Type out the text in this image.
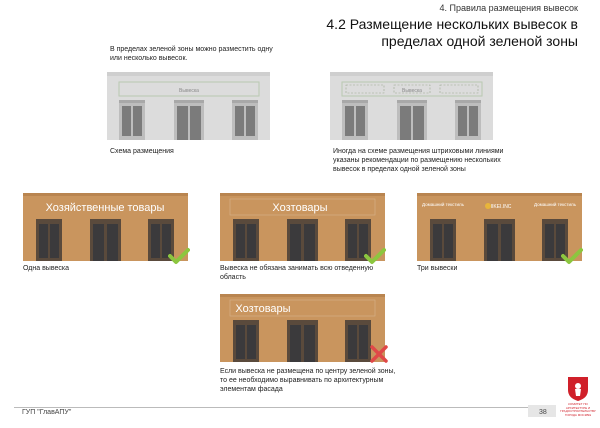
4. Правила размещения вывесок
4.2 Размещение нескольких вывесок в пределах одной зеленой зоны
В пределах зеленой зоны можно разместить одну
или несколько вывесок.
Вывеска
Схема размещения
Вывеска
Иногда на схеме размещения штриховыми линиями
указаны рекомендации по размещению нескольких
вывесок в пределах одной зеленой зоны
Хозяйственные товары
Одна вывеска
Хозтовары
Вывеска не обязана занимать всю отведенную
область
Домашний текстиль	IIKEI.INC	Домашний текстиль
Три вывески
Хозтовары
Если вывеска не размещена по центру зеленой зоны,
то ее необходимо выравнивать по архитектурным
элементам фасада
КОМИТЕТ ПО АРХИТЕКТУРЕ И ГРАДОСТРОИТЕЛЬСТВУ ГОРОДА МОСКВЫ
ГУП "ГлавАПУ"	38
